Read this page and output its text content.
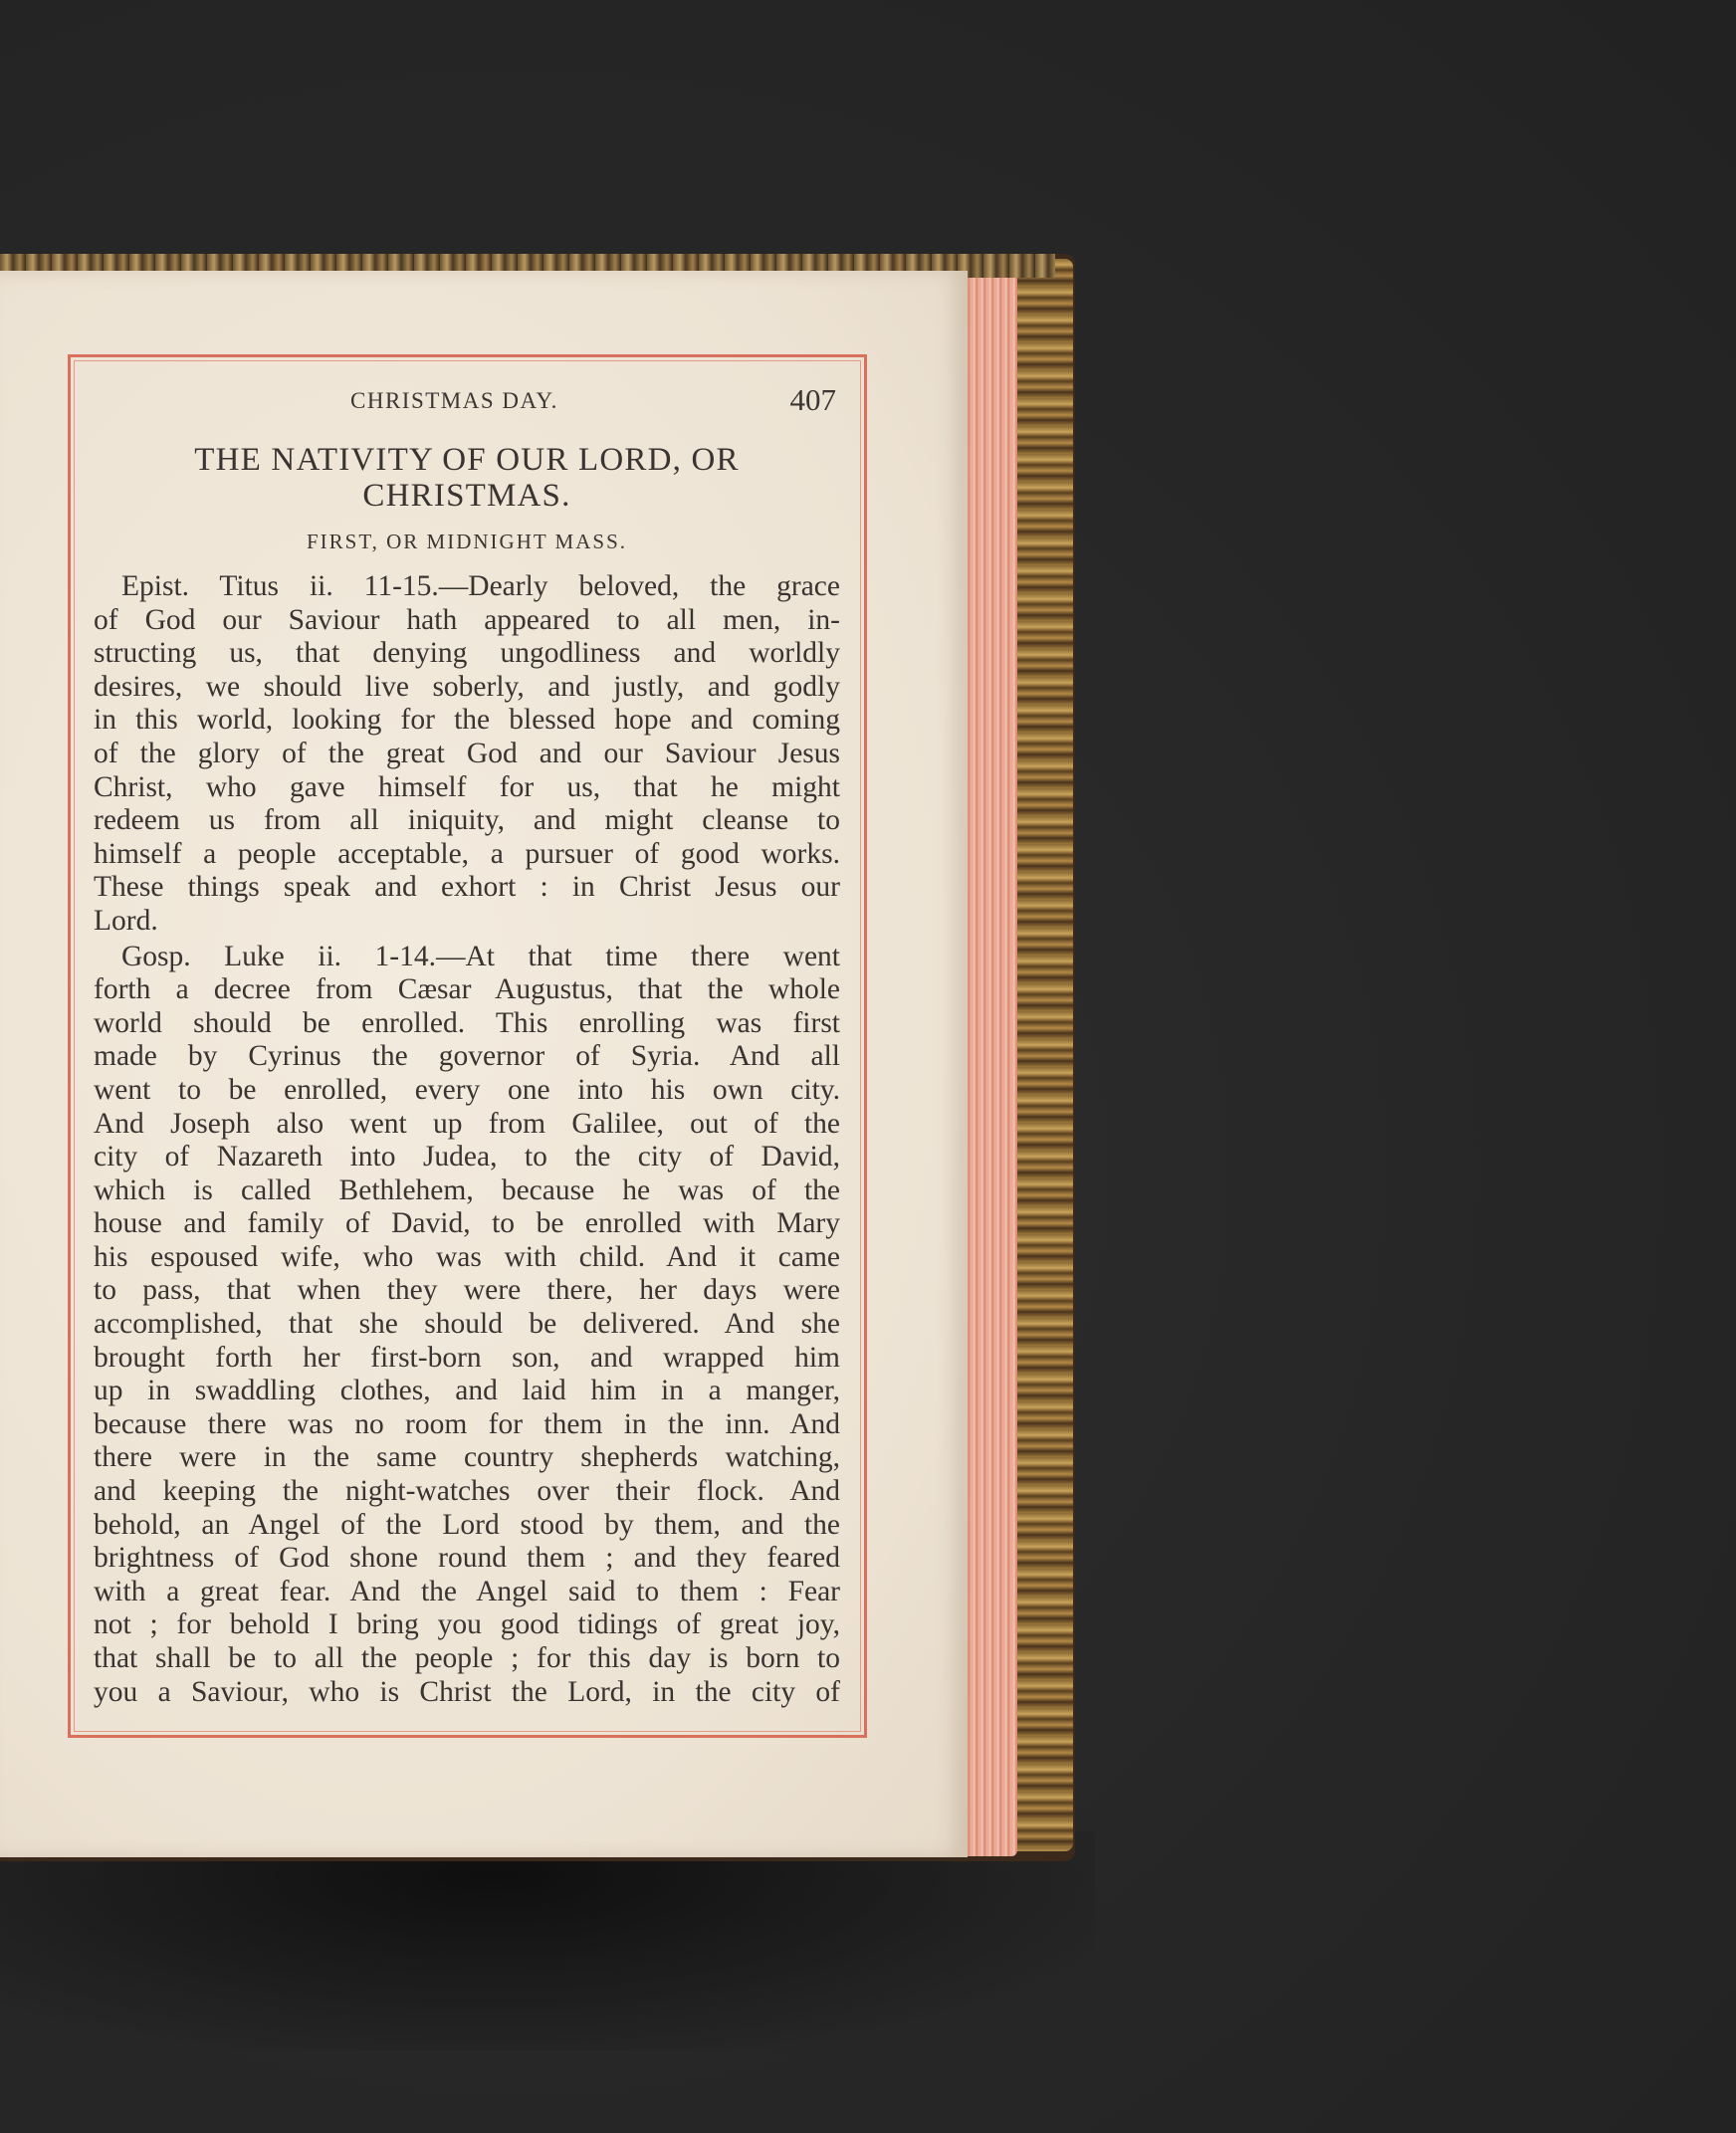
CHRISTMAS DAY.	407
THE NATIVITY OF OUR LORD, OR
CHRISTMAS.
FIRST, OR MIDNIGHT MASS.
Epist. Titus ii. 11-15.—Dearly beloved, the grace
of God our Saviour hath appeared to all men, in-
structing us, that denying ungodliness and worldly
desires, we should live soberly, and justly, and godly
in this world, looking for the blessed hope and coming
of the glory of the great God and our Saviour Jesus
Christ, who gave himself for us, that he might
redeem us from all iniquity, and might cleanse to
himself a people acceptable, a pursuer of good works.
These things speak and exhort : in Christ Jesus our
Lord.
Gosp. Luke ii. 1-14.—At that time there went
forth a decree from Cæsar Augustus, that the whole
world should be enrolled. This enrolling was first
made by Cyrinus the governor of Syria. And all
went to be enrolled, every one into his own city.
And Joseph also went up from Galilee, out of the
city of Nazareth into Judea, to the city of David,
which is called Bethlehem, because he was of the
house and family of David, to be enrolled with Mary
his espoused wife, who was with child. And it came
to pass, that when they were there, her days were
accomplished, that she should be delivered. And she
brought forth her first-born son, and wrapped him
up in swaddling clothes, and laid him in a manger,
because there was no room for them in the inn. And
there were in the same country shepherds watching,
and keeping the night-watches over their flock. And
behold, an Angel of the Lord stood by them, and the
brightness of God shone round them ; and they feared
with a great fear. And the Angel said to them : Fear
not ; for behold I bring you good tidings of great joy,
that shall be to all the people ; for this day is born to
you a Saviour, who is Christ the Lord, in the city of
